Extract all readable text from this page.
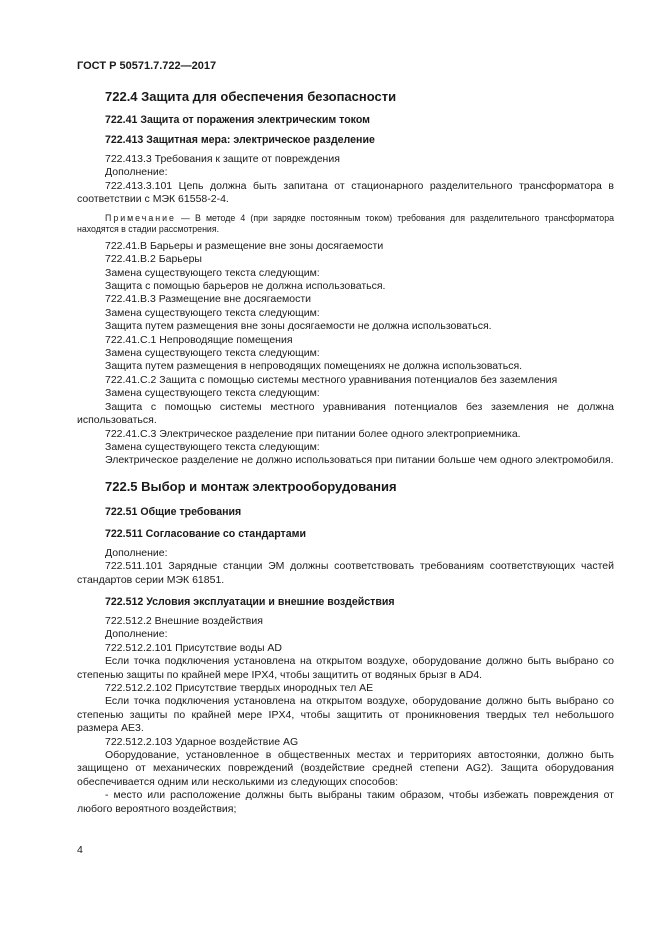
ГОСТ Р 50571.7.722—2017
722.4 Защита для обеспечения безопасности
722.41 Защита от поражения электрическим током
722.413 Защитная мера: электрическое разделение
722.413.3 Требования к защите от повреждения
Дополнение:
722.413.3.101 Цепь должна быть запитана от стационарного разделительного трансформатора в соответствии с МЭК 61558-2-4.
Примечание — В методе 4 (при зарядке постоянным током) требования для разделительного трансформатора находятся в стадии рассмотрения.
722.41.B Барьеры и размещение вне зоны досягаемости
722.41.B.2 Барьеры
Замена существующего текста следующим:
Защита с помощью барьеров не должна использоваться.
722.41.B.3 Размещение вне досягаемости
Замена существующего текста следующим:
Защита путем размещения вне зоны досягаемости не должна использоваться.
722.41.C.1 Непроводящие помещения
Замена существующего текста следующим:
Защита путем размещения в непроводящих помещениях не должна использоваться.
722.41.C.2 Защита с помощью системы местного уравнивания потенциалов без заземления
Замена существующего текста следующим:
Защита с помощью системы местного уравнивания потенциалов без заземления не должна использоваться.
722.41.C.3 Электрическое разделение при питании более одного электроприемника.
Замена существующего текста следующим:
Электрическое разделение не должно использоваться при питании больше чем одного электромобиля.
722.5 Выбор и монтаж электрооборудования
722.51 Общие требования
722.511 Согласование со стандартами
Дополнение:
722.511.101 Зарядные станции ЭМ должны соответствовать требованиям соответствующих частей стандартов серии МЭК 61851.
722.512 Условия эксплуатации и внешние воздействия
722.512.2 Внешние воздействия
Дополнение:
722.512.2.101 Присутствие воды AD
Если точка подключения установлена на открытом воздухе, оборудование должно быть выбрано со степенью защиты по крайней мере IPX4, чтобы защитить от водяных брызг в AD4.
722.512.2.102 Присутствие твердых инородных тел AE
Если точка подключения установлена на открытом воздухе, оборудование должно быть выбрано со степенью защиты по крайней мере IPX4, чтобы защитить от проникновения твердых тел небольшого размера AE3.
722.512.2.103 Ударное воздействие AG
Оборудование, установленное в общественных местах и территориях автостоянки, должно быть защищено от механических повреждений (воздействие средней степени AG2). Защита оборудования обеспечивается одним или несколькими из следующих способов:
- место или расположение должны быть выбраны таким образом, чтобы избежать повреждения от любого вероятного воздействия;
4
